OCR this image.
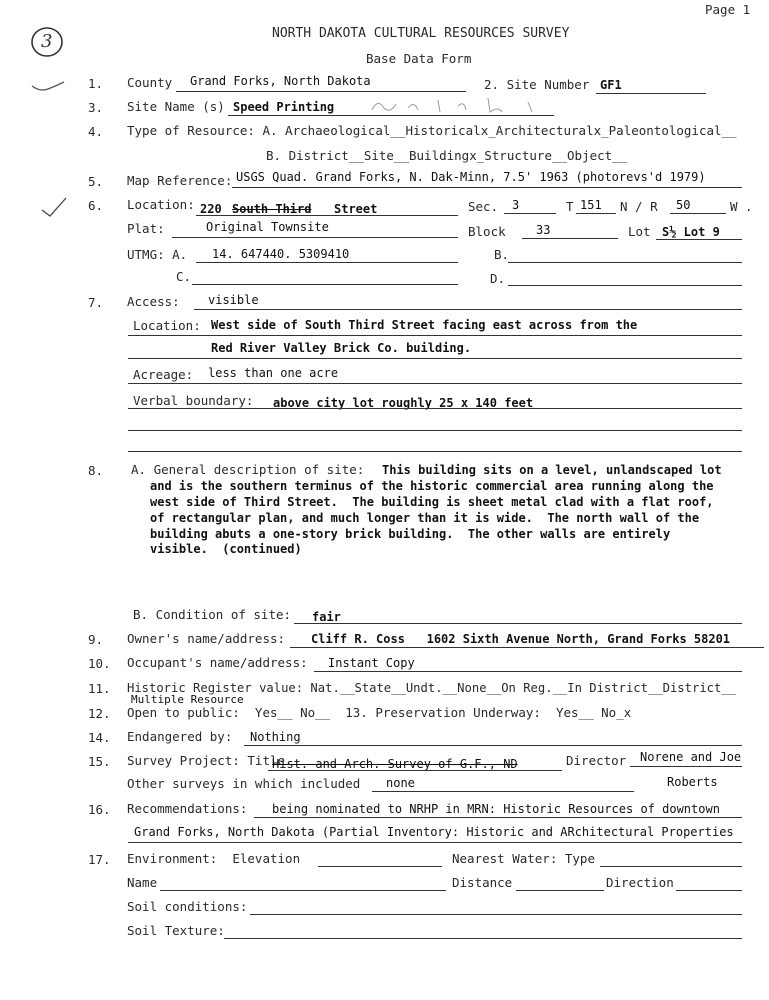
Page 1
3	NORTH DAKOTA CULTURAL RESOURCES SURVEY
Base Data Form
1. County Grand Forks, North Dakota	2. Site Number GF1
3. Site Name (s) Speed Printing
4. Type of Resource: A. Archaeological__Historicalx_Architecturalx_Paleontological__
B. District__Site__Buildingx_Structure__Object__
5. Map Reference: USGS Quad. Grand Forks, N. Dak-Minn, 7.5' 1963 (photorevs'd 1979)
6. Location: 220 South Third Street	Sec. 3	T 151 N / R 50	W .
Plat:	Original Townsite	Block	33	Lot S½ Lot 9
UTMG: A. 14. 647440. 5309410	B.
C.	D.
7. Access: visible
Location: West side of South Third Street facing east across from the
Red River Valley Brick Co. building.
Acreage: less than one acre
Verbal boundary: above city lot roughly 25 x 140 feet
8. A. General description of site: This building sits on a level, unlandscaped lot
and is the southern terminus of the historic commercial area running along the
west side of Third Street.  The building is sheet metal clad with a flat roof,
of rectangular plan, and much longer than it is wide.  The north wall of the
building abuts a one-story brick building.  The other walls are entirely
visible.  (continued)
B. Condition of site: fair
9. Owner's name/address: Cliff R. Coss   1602 Sixth Avenue North, Grand Forks 58201
10. Occupant's name/address: Instant Copy
11. Historic Register value: Nat.__State__Undt.__None__On Reg.__In District__District__
Multiple Resource
12. Open to public:  Yes__ No__  13. Preservation Underway:  Yes__ No_x
14. Endangered by: Nothing
15. Survey Project: Title
Hist. and Arch. Survey of G.F., ND	Director Norene and Joe
Other surveys in which included none	Roberts
16. Recommendations: being nominated to NRHP in MRN: Historic Resources of downtown
Grand Forks, North Dakota (Partial Inventory: Historic and ARchitectural Properties
17. Environment:  Elevation	Nearest Water: Type
Name	Distance	Direction
Soil conditions:
Soil Texture:
